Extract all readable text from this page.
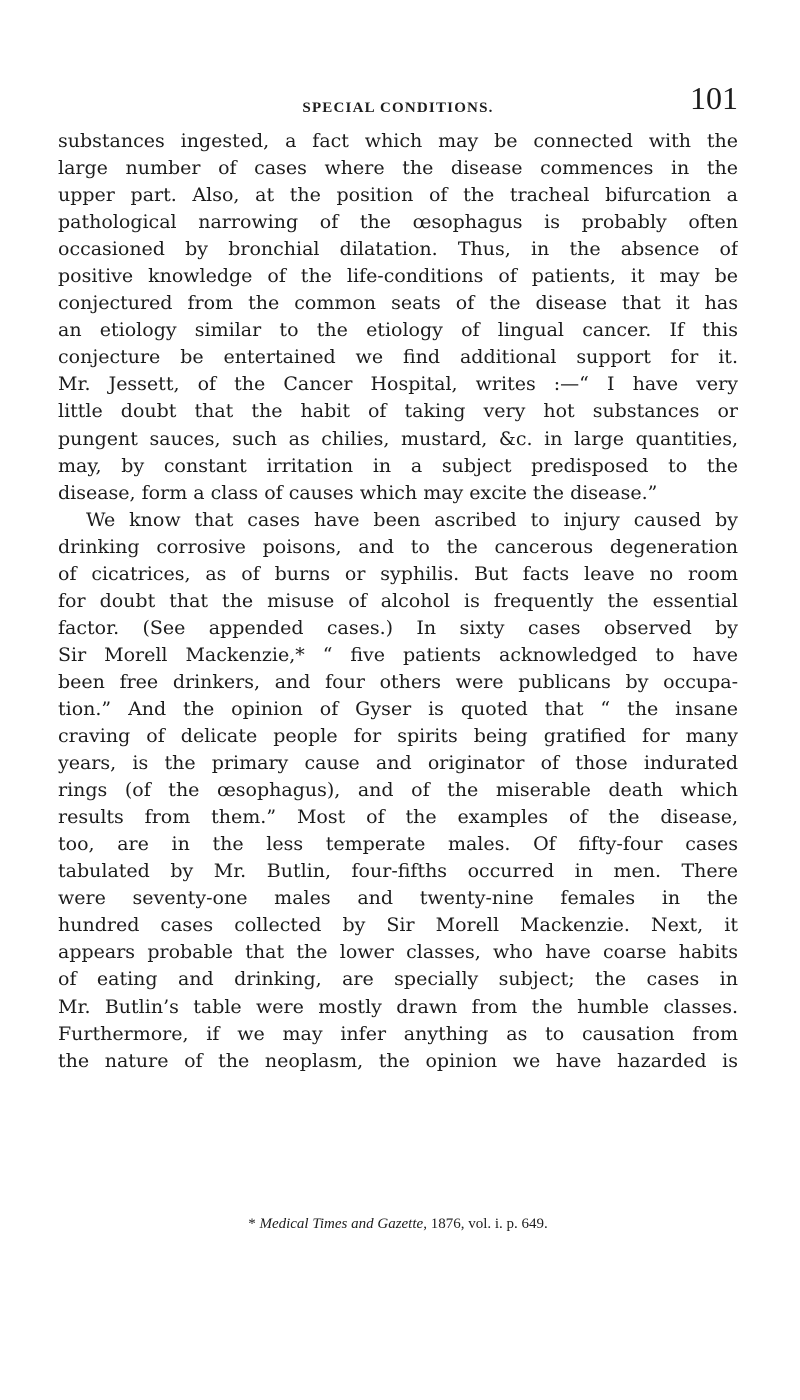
SPECIAL CONDITIONS.	101
substances ingested, a fact which may be connected with the
large number of cases where the disease commences in the
upper part. Also, at the position of the tracheal bifurcation a
pathological narrowing of the œsophagus is probably often
occasioned by bronchial dilatation. Thus, in the absence of
positive knowledge of the life-conditions of patients, it may be
conjectured from the common seats of the disease that it has
an etiology similar to the etiology of lingual cancer. If this
conjecture be entertained we find additional support for it.
Mr. Jessett, of the Cancer Hospital, writes :—“ I have very
little doubt that the habit of taking very hot substances or
pungent sauces, such as chilies, mustard, &c. in large quantities,
may, by constant irritation in a subject predisposed to the
disease, form a class of causes which may excite the disease.”
We know that cases have been ascribed to injury caused by
drinking corrosive poisons, and to the cancerous degeneration
of cicatrices, as of burns or syphilis. But facts leave no room
for doubt that the misuse of alcohol is frequently the essential
factor. (See appended cases.) In sixty cases observed by
Sir Morell Mackenzie,* “ five patients acknowledged to have
been free drinkers, and four others were publicans by occupa-
tion.” And the opinion of Gyser is quoted that “ the insane
craving of delicate people for spirits being gratified for many
years, is the primary cause and originator of those indurated
rings (of the œsophagus), and of the miserable death which
results from them.” Most of the examples of the disease,
too, are in the less temperate males. Of fifty-four cases
tabulated by Mr. Butlin, four-fifths occurred in men. There
were seventy-one males and twenty-nine females in the
hundred cases collected by Sir Morell Mackenzie. Next, it
appears probable that the lower classes, who have coarse habits
of eating and drinking, are specially subject; the cases in
Mr. Butlin’s table were mostly drawn from the humble classes.
Furthermore, if we may infer anything as to causation from
the nature of the neoplasm, the opinion we have hazarded is
* Medical Times and Gazette, 1876, vol. i. p. 649.
